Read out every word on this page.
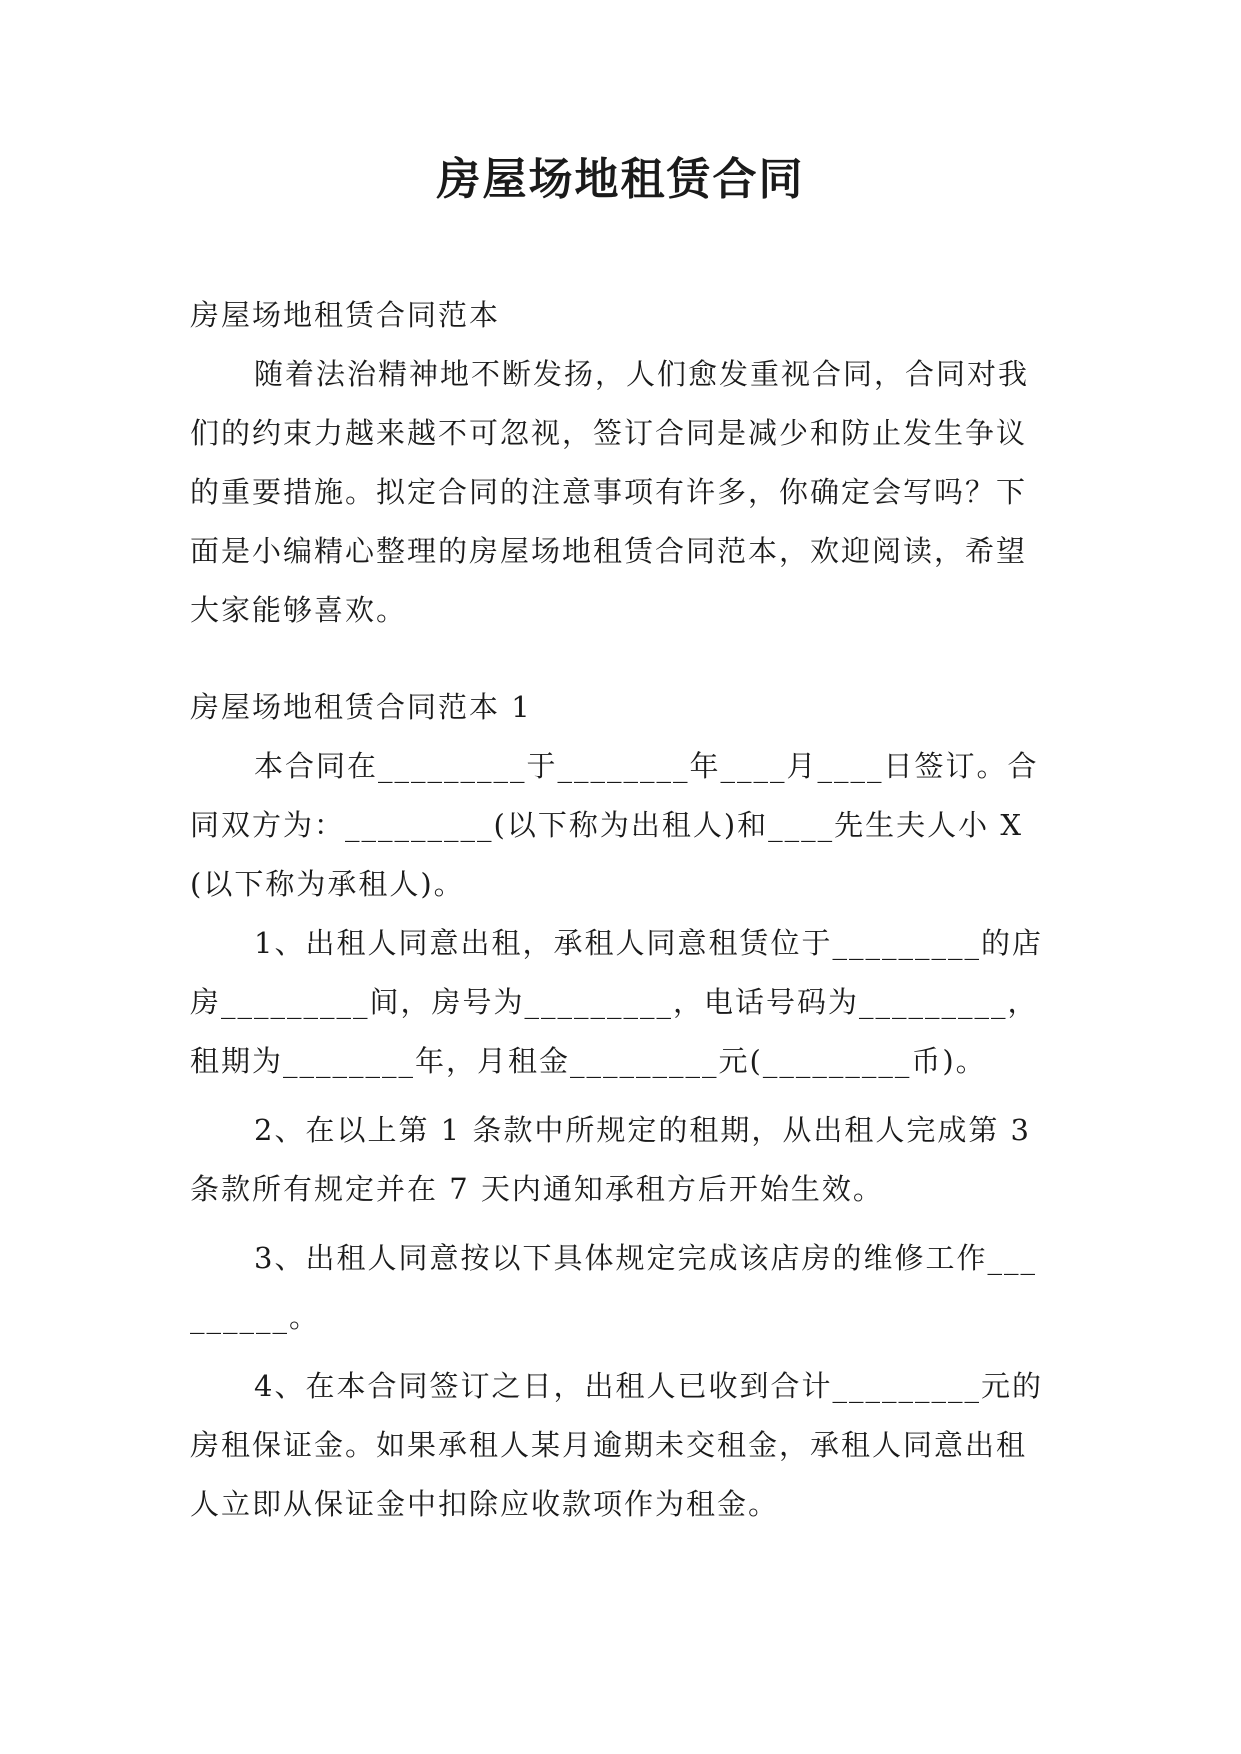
房屋场地租赁合同

房屋场地租赁合同范本

随着法治精神地不断发扬，人们愈发重视合同，合同对我们的约束力越来越不可忽视，签订合同是减少和防止发生争议的重要措施。拟定合同的注意事项有许多，你确定会写吗？下面是小编精心整理的房屋场地租赁合同范本，欢迎阅读，希望大家能够喜欢。

房屋场地租赁合同范本 1

本合同在_________于________年____月____日签订。合同双方为：_________(以下称为出租人)和____先生夫人小 X(以下称为承租人)。

1、出租人同意出租，承租人同意租赁位于_________的店房_________间，房号为_________，电话号码为_________，租期为________年，月租金_________元(_________币)。

2、在以上第 1 条款中所规定的租期，从出租人完成第 3 条款所有规定并在 7 天内通知承租方后开始生效。

3、出租人同意按以下具体规定完成该店房的维修工作_________。

4、在本合同签订之日，出租人已收到合计_________元的房租保证金。如果承租人某月逾期未交租金，承租人同意出租人立即从保证金中扣除应收款项作为租金。
